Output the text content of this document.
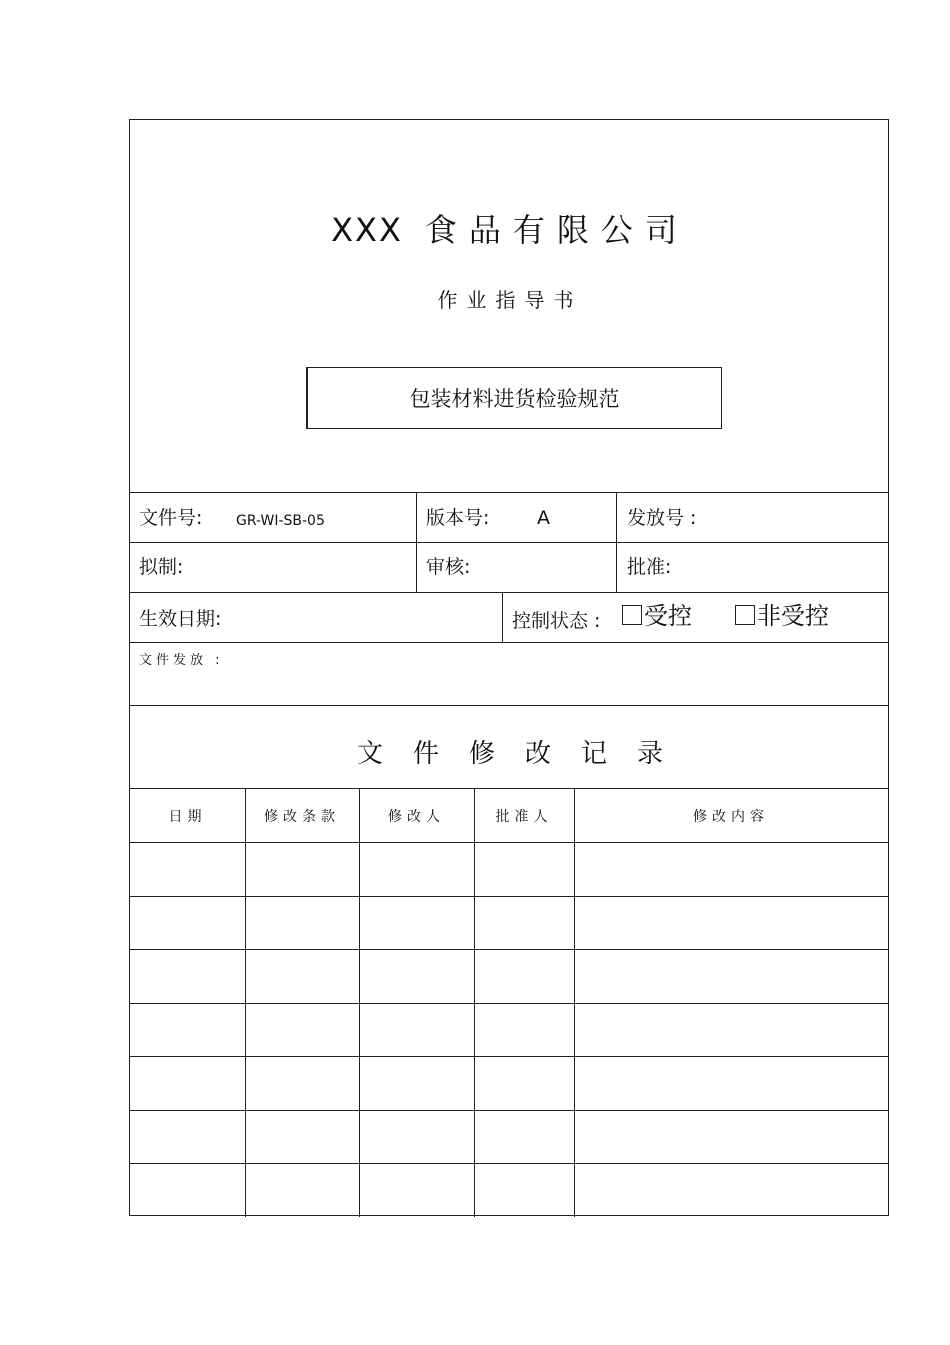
XXX 食品有限公司
作业指导书
包装材料进货检验规范
文件号: GR-WI-SB-05	版本号:	A	发放号 :
拟制:	审核:	批准:
生效日期:	控制状态 :	受控	非受控
文件发放 :
文件修改记录
日期	修改条款	修改人	批准人	修改内容
